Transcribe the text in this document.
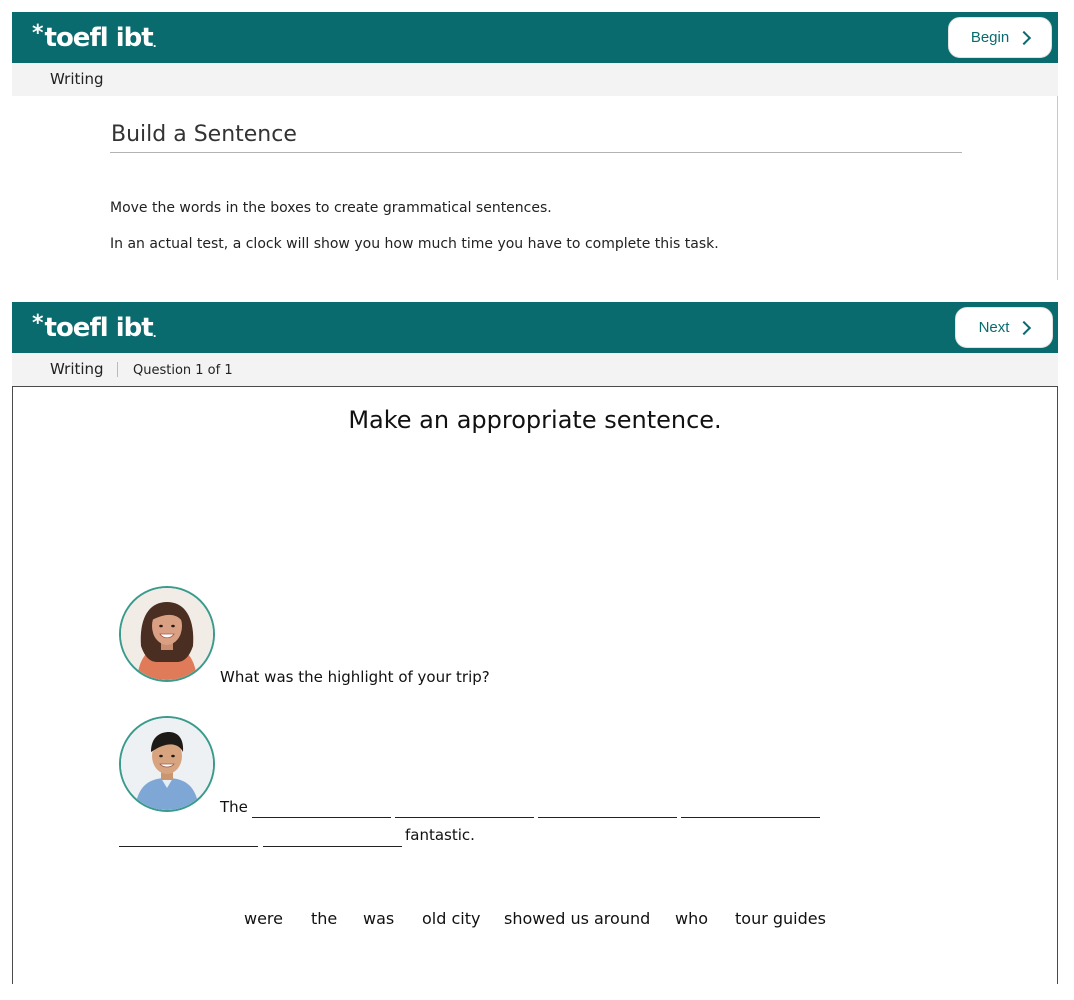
*toefl ibt.	Begin
Writing
Build a Sentence
Move the words in the boxes to create grammatical sentences.
In an actual test, a clock will show you how much time you have to complete this task.
*toefl ibt.	Next
Writing Question 1 of 1
Make an appropriate sentence.
What was the highlight of your trip?
The
fantastic.
were the was old city showed us around who tour guides
